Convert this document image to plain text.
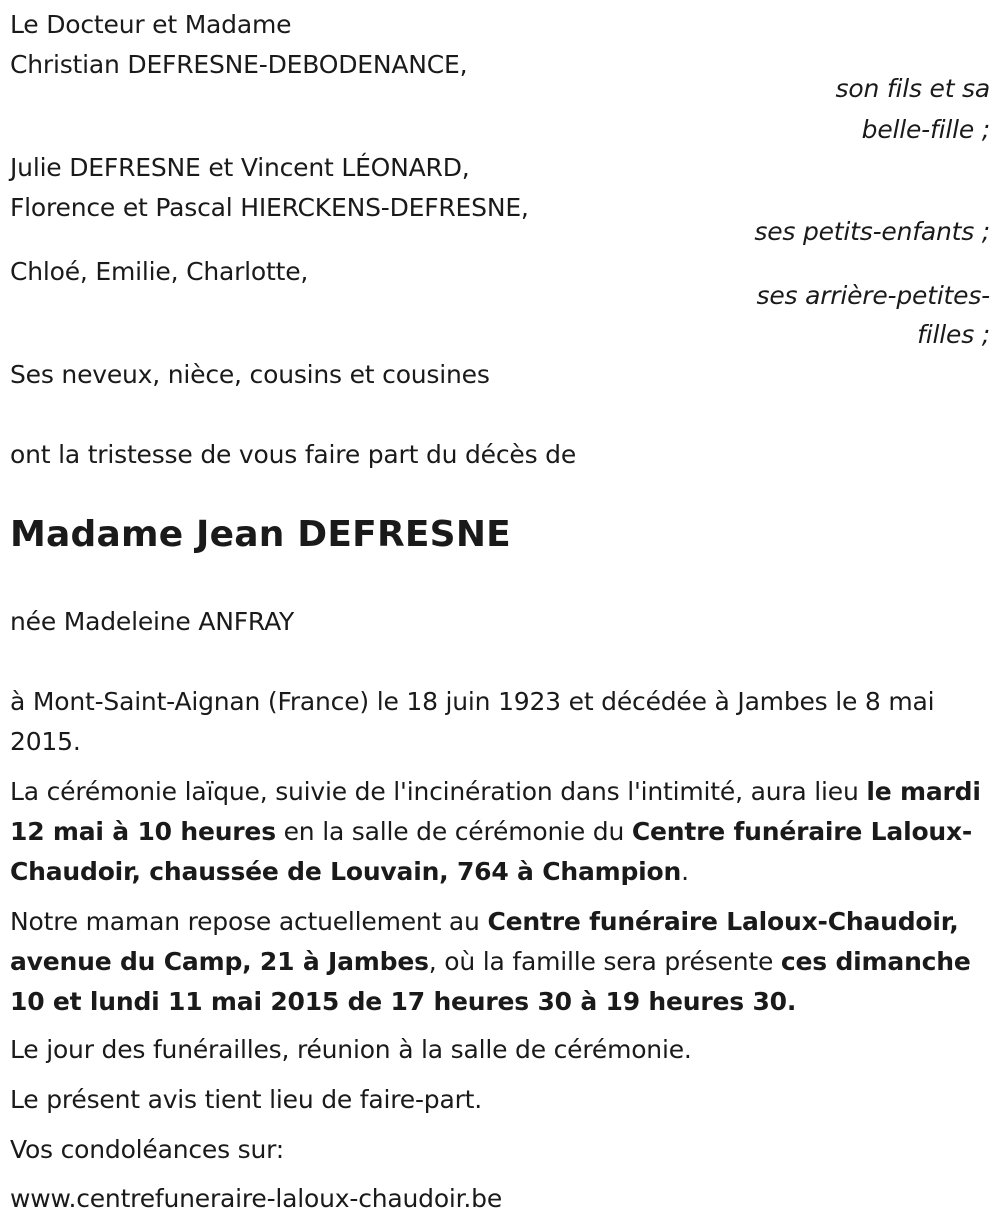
Le Docteur et Madame
Christian DEFRESNE-DEBODENANCE,
son fils et sa
belle-fille ;
Julie DEFRESNE et Vincent LÉONARD,
Florence et Pascal HIERCKENS-DEFRESNE,
ses petits-enfants ;
Chloé, Emilie, Charlotte,
ses arrière-petites-
filles ;
Ses neveux, nièce, cousins et cousines
ont la tristesse de vous faire part du décès de
Madame Jean DEFRESNE
née Madeleine ANFRAY
à Mont-Saint-Aignan (France) le 18 juin 1923 et décédée à Jambes le 8 mai 2015.
La cérémonie laïque, suivie de l'incinération dans l'intimité, aura lieu le mardi 12 mai à 10 heures en la salle de cérémonie du Centre funéraire Laloux-Chaudoir, chaussée de Louvain, 764 à Champion.
Notre maman repose actuellement au Centre funéraire Laloux-Chaudoir, avenue du Camp, 21 à Jambes, où la famille sera présente ces dimanche 10 et lundi 11 mai 2015 de 17 heures 30 à 19 heures 30.
Le jour des funérailles, réunion à la salle de cérémonie.
Le présent avis tient lieu de faire-part.
Vos condoléances sur:
www.centrefuneraire-laloux-chaudoir.be
